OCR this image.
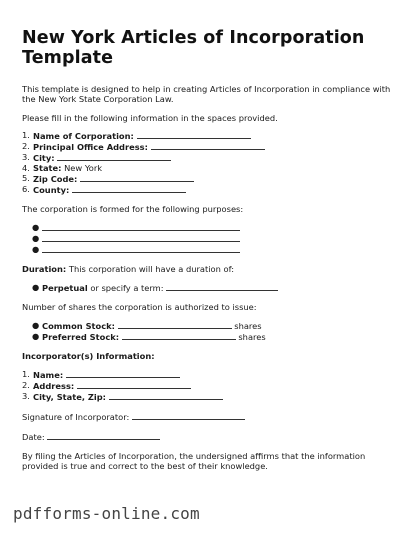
New York Articles of Incorporation Template

This template is designed to help in creating Articles of Incorporation in compliance with the New York State Corporation Law.

Please fill in the following information in the spaces provided.

1. Name of Corporation:
2. Principal Office Address:
3. City:
4. State: New York
5. Zip Code:
6. County:

The corporation is formed for the following purposes:

●
●
●

Duration: This corporation will have a duration of:

● Perpetual or specify a term:

Number of shares the corporation is authorized to issue:

● Common Stock:	shares
● Preferred Stock:	shares

Incorporator(s) Information:

1. Name:
2. Address:
3. City, State, Zip:

Signature of Incorporator:

Date:

By filing the Articles of Incorporation, the undersigned affirms that the information provided is true and correct to the best of their knowledge.

pdfforms-online.com
